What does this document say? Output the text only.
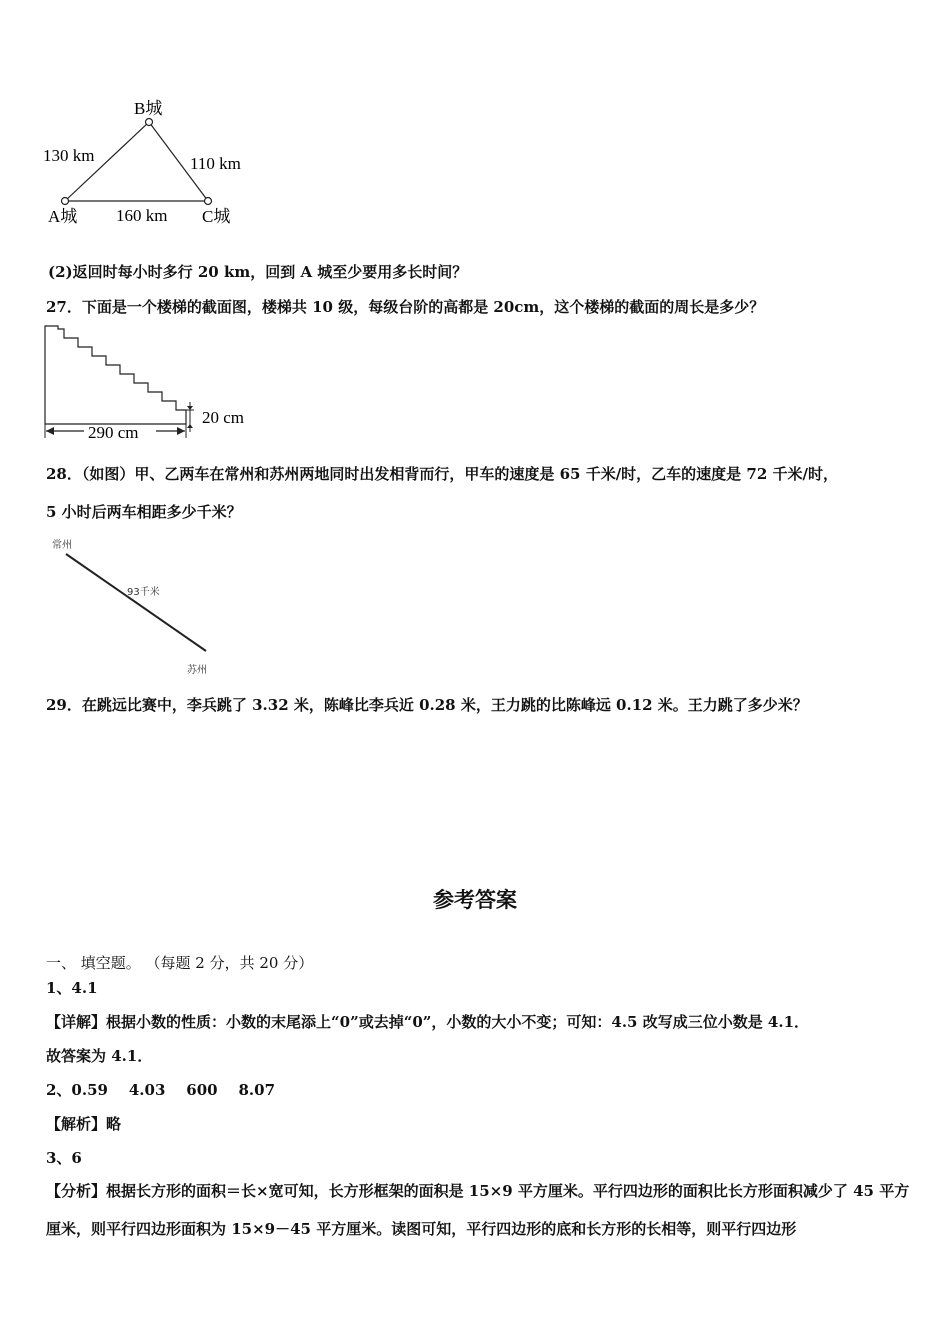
B城
A城	C城
130 km	110 km
160 km
(2)返回时每小时多行 20 km，回到 A 城至少要用多长时间？
27．下面是一个楼梯的截面图，楼梯共 10 级，每级台阶的高都是 20cm，这个楼梯的截面的周长是多少？
20 cm
290 cm
28．（如图）甲、乙两车在常州和苏州两地同时出发相背而行，甲车的速度是 65 千米/时，乙车的速度是 72 千米/时，
5 小时后两车相距多少千米？
常州
93千米
苏州
29．在跳远比赛中，李兵跳了 3.32 米，陈峰比李兵近 0.28 米，王力跳的比陈峰远 0.12 米。王力跳了多少米？
参考答案
一、 填空题。 （每题 2 分，共 20 分）
1、4.1
【详解】根据小数的性质：小数的末尾添上“0”或去掉“0”，小数的大小不变；可知：4.5 改写成三位小数是 4.1．
故答案为 4.1．
2、0.59    4.03    600    8.07
【解析】略
3、6
【分析】根据长方形的面积＝长×宽可知，长方形框架的面积是 15×9 平方厘米。平行四边形的面积比长方形面积减少了 45 平方厘米，则平行四边形面积为 15×9－45 平方厘米。读图可知，平行四边形的底和长方形的长相等，则平行四边形
